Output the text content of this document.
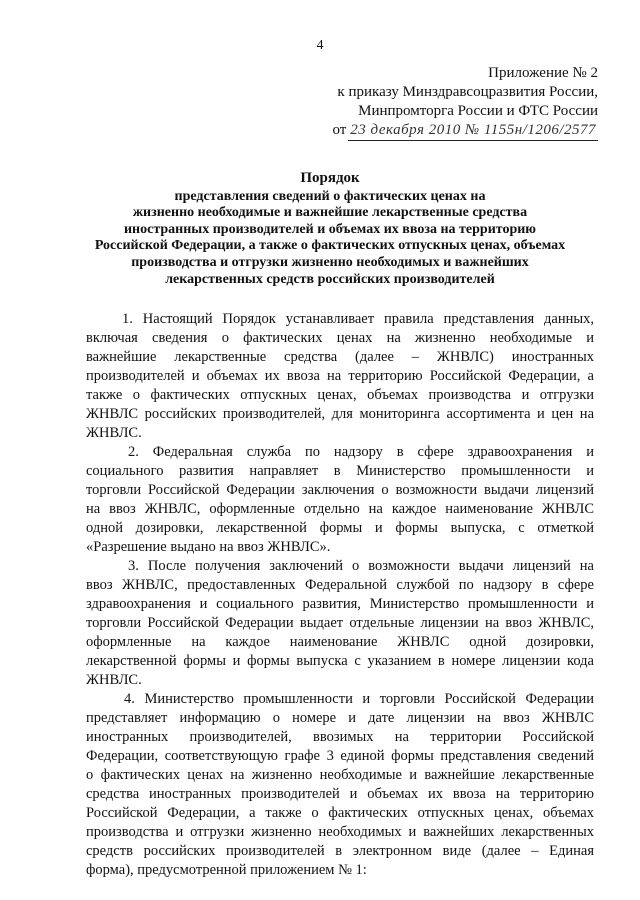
4
Приложение № 2
к приказу Минздравсоцразвития России,
Минпромторга России и ФТС России
от 23 декабря 2010 № 1155н/1206/2577
Порядок
представления сведений о фактических ценах на
жизненно необходимые и важнейшие лекарственные средства
иностранных производителей и объемах их ввоза на территорию
Российской Федерации, а также о фактических отпускных ценах, объемах
производства и отгрузки жизненно необходимых и важнейших
лекарственных средств российских производителей
1. Настоящий Порядок устанавливает правила представления данных,
включая сведения о фактических ценах на жизненно необходимые и
важнейшие лекарственные средства (далее – ЖНВЛС) иностранных
производителей и объемах их ввоза на территорию Российской Федерации, а
также о фактических отпускных ценах, объемах производства и отгрузки
ЖНВЛС российских производителей, для мониторинга ассортимента и цен на
ЖНВЛС.
2. Федеральная служба по надзору в сфере здравоохранения и
социального развития направляет в Министерство промышленности и
торговли Российской Федерации заключения о возможности выдачи лицензий
на ввоз ЖНВЛС, оформленные отдельно на каждое наименование ЖНВЛС
одной дозировки, лекарственной формы и формы выпуска, с отметкой
«Разрешение выдано на ввоз ЖНВЛС».
3. После получения заключений о возможности выдачи лицензий на
ввоз ЖНВЛС, предоставленных Федеральной службой по надзору в сфере
здравоохранения и социального развития, Министерство промышленности и
торговли Российской Федерации выдает отдельные лицензии на ввоз ЖНВЛС,
оформленные на каждое наименование ЖНВЛС одной дозировки,
лекарственной формы и формы выпуска с указанием в номере лицензии кода
ЖНВЛС.
4. Министерство промышленности и торговли Российской Федерации
представляет информацию о номере и дате лицензии на ввоз ЖНВЛС
иностранных производителей, ввозимых на территории Российской
Федерации, соответствующую графе 3 единой формы представления сведений
о фактических ценах на жизненно необходимые и важнейшие лекарственные
средства иностранных производителей и объемах их ввоза на территорию
Российской Федерации, а также о фактических отпускных ценах, объемах
производства и отгрузки жизненно необходимых и важнейших лекарственных
средств российских производителей в электронном виде (далее – Единая
форма), предусмотренной приложением № 1:
